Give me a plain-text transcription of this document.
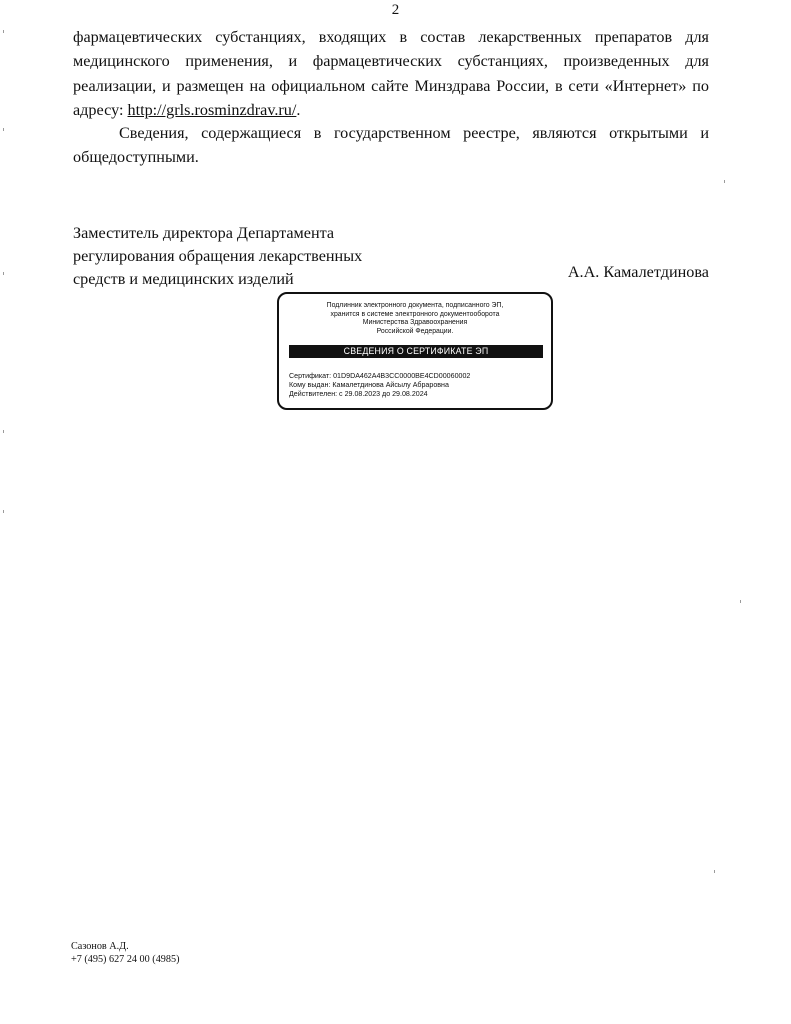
2

фармацевтических субстанциях, входящих в состав лекарственных препаратов для медицинского применения, и фармацевтических субстанциях, произведенных для реализации, и размещен на официальном сайте Минздрава России, в сети «Интернет» по адресу: http://grls.rosminzdrav.ru/.

Сведения, содержащиеся в государственном реестре, являются открытыми и общедоступными.

Заместитель директора Департамента
регулирования обращения лекарственных
средств и медицинских изделий	А.А. Камалетдинова
Подлинник электронного документа, подписанного ЭП,
хранится в системе электронного документооборота
Министерства Здравоохранения
Российской Федерации.
СВЕДЕНИЯ О СЕРТИФИКАТЕ ЭП
Сертификат: 01D9DA462A4B3CC0000BE4CD00060002
Кому выдан: Камалетдинова Айсылу Абраровна
Действителен: с 29.08.2023 до 29.08.2024
Сазонов А.Д.
+7 (495) 627 24 00 (4985)
